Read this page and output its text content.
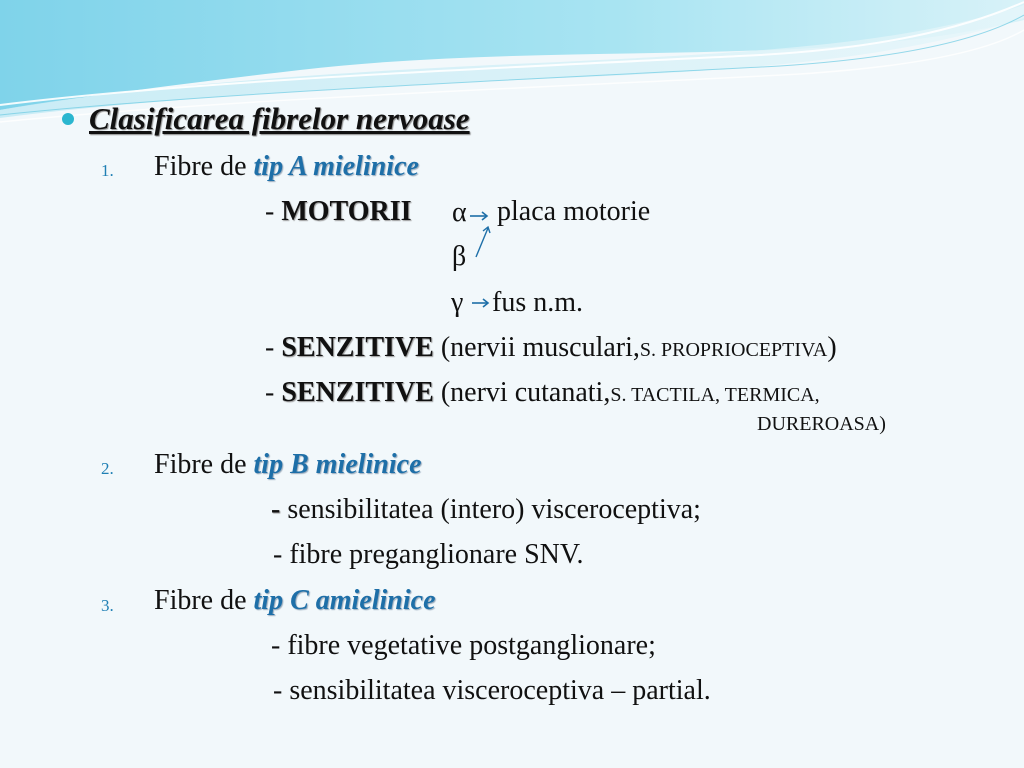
Clasificarea fibrelor nervoase
1. Fibre de tip A mielinice
- MOTORII α placa motorie
β
γ fus n.m.
- SENZITIVE (nervii musculari,S. PROPRIOCEPTIVA)
- SENZITIVE (nervi cutanati,S. TACTILA, TERMICA,
DUREROASA)
2. Fibre de tip B mielinice
- sensibilitatea (intero) visceroceptiva;
- fibre preganglionare SNV.
3. Fibre de tip C amielinice
- fibre vegetative postganglionare;
- sensibilitatea visceroceptiva – partial.
